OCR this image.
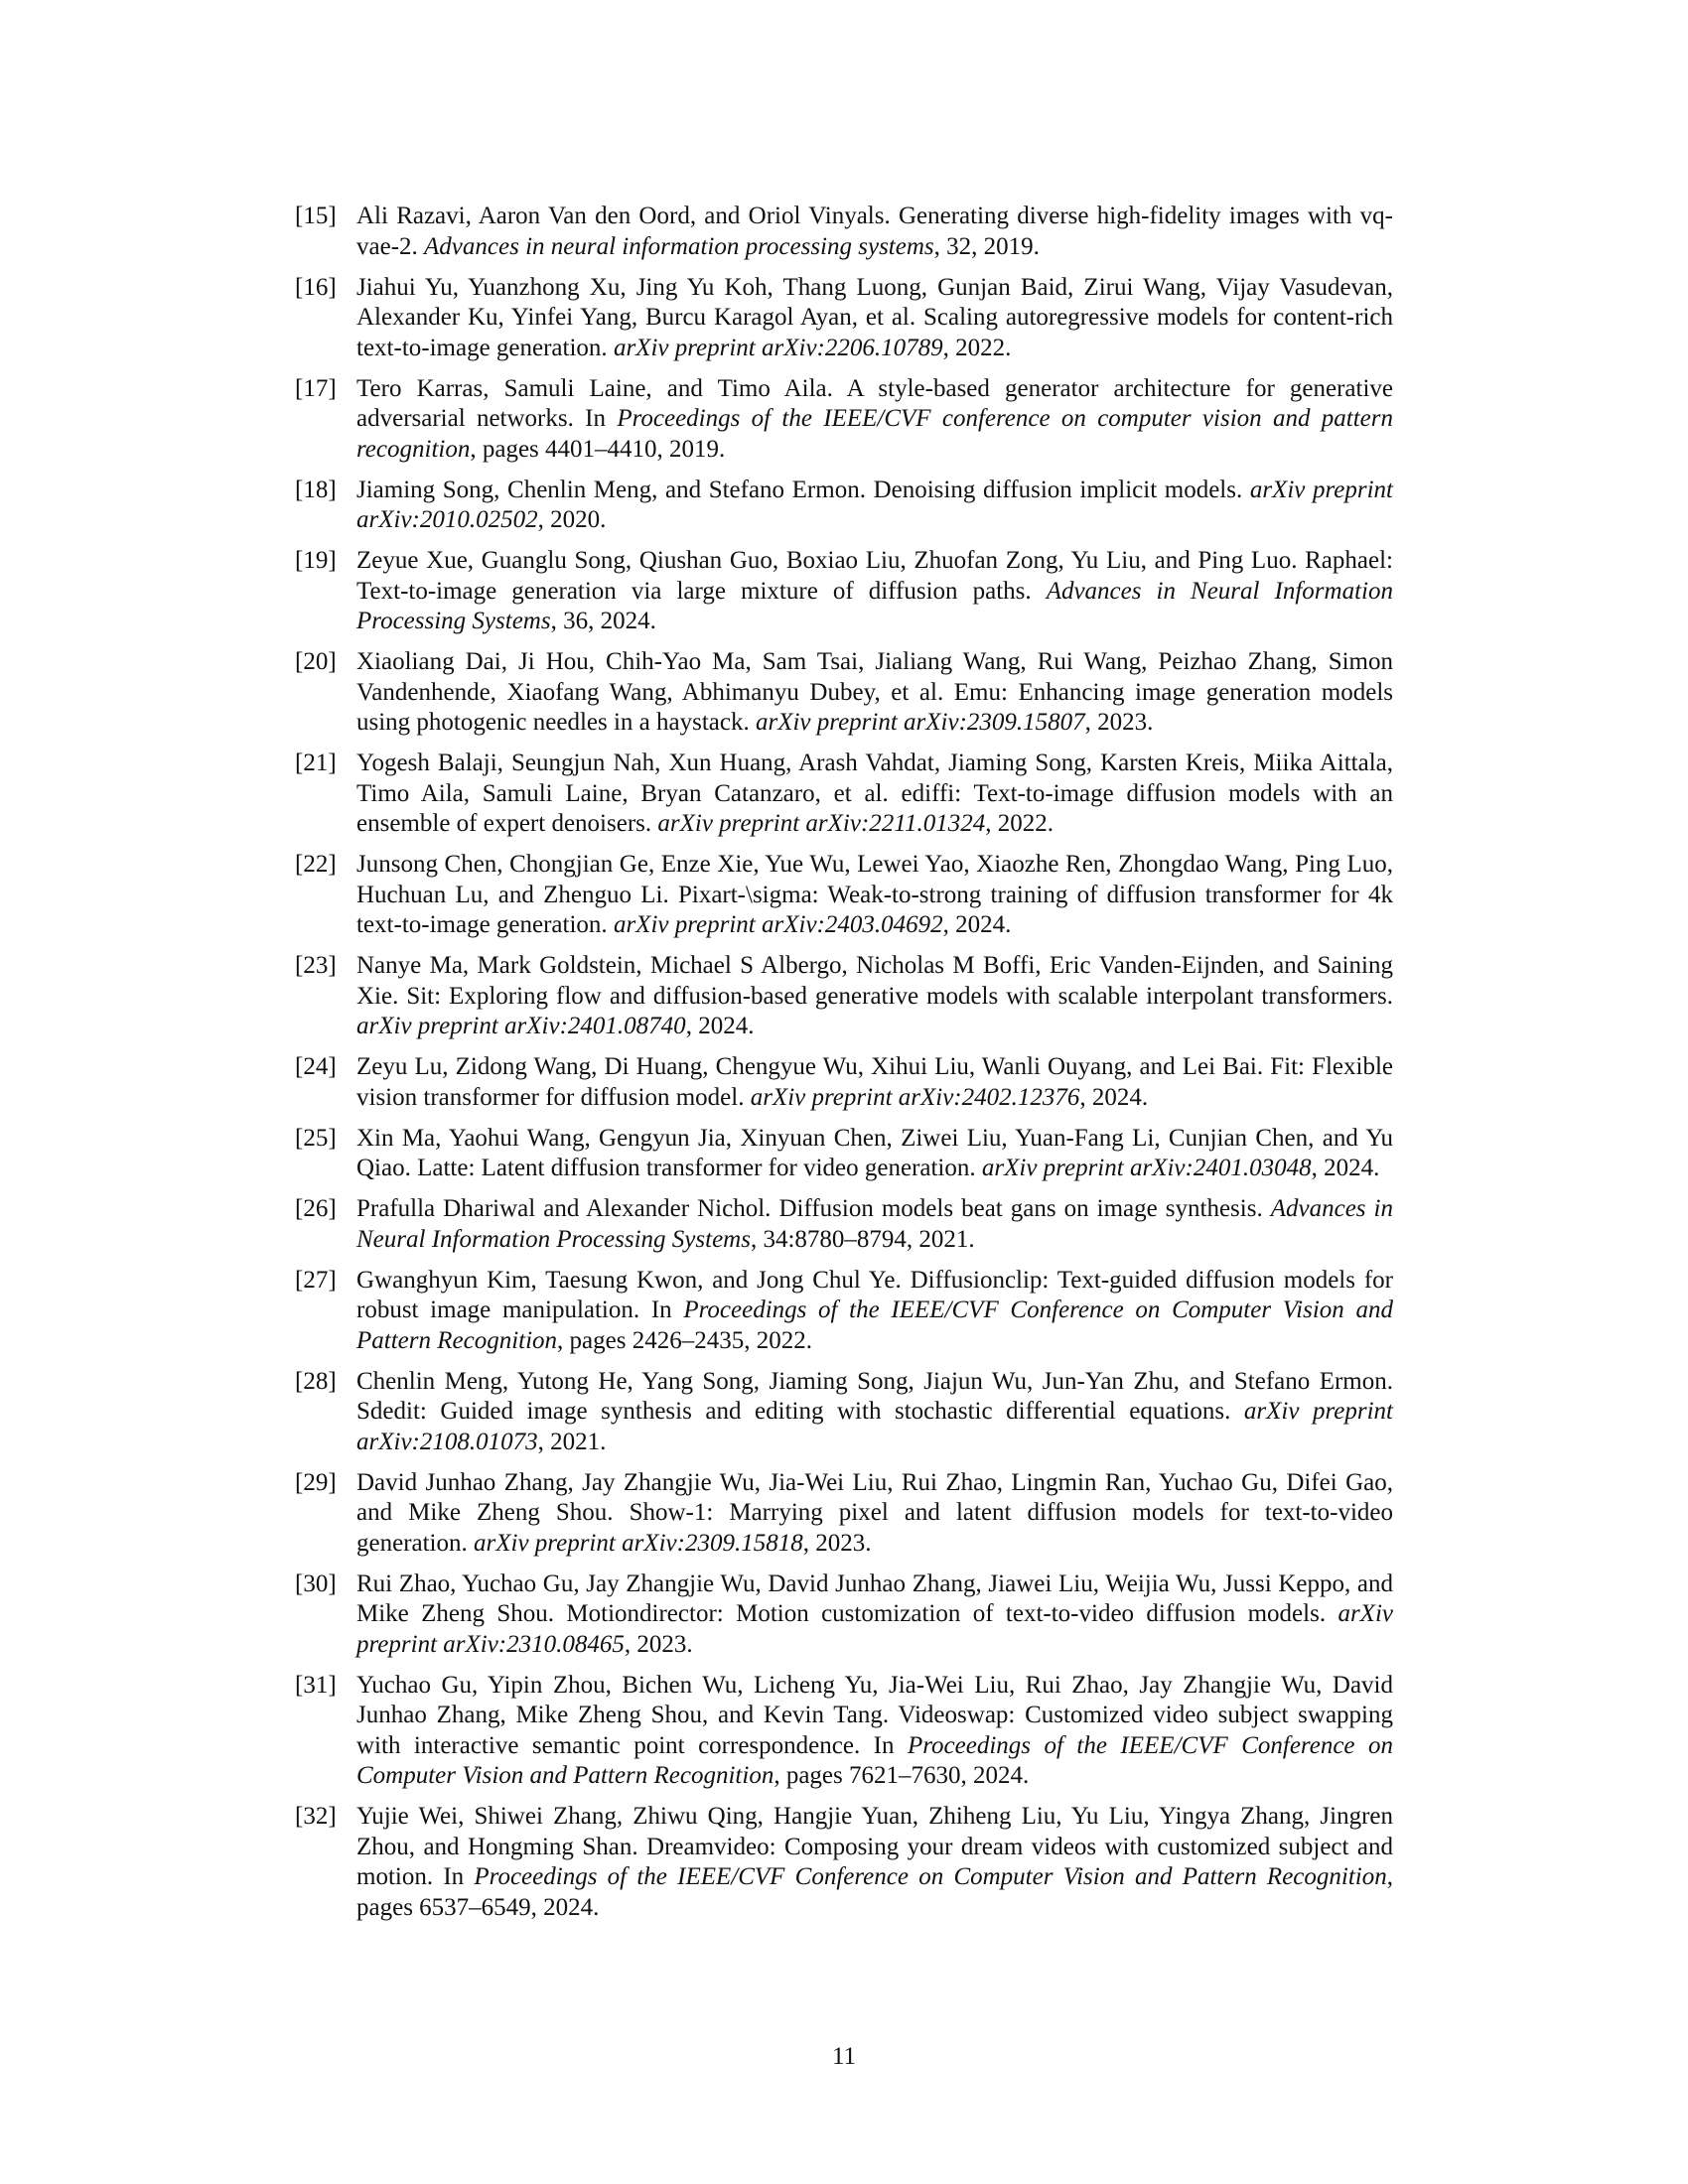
[15] Ali Razavi, Aaron Van den Oord, and Oriol Vinyals. Generating diverse high-fidelity images with vq-vae-2. Advances in neural information processing systems, 32, 2019.
[16] Jiahui Yu, Yuanzhong Xu, Jing Yu Koh, Thang Luong, Gunjan Baid, Zirui Wang, Vijay Vasudevan, Alexander Ku, Yinfei Yang, Burcu Karagol Ayan, et al. Scaling autoregressive models for content-rich text-to-image generation. arXiv preprint arXiv:2206.10789, 2022.
[17] Tero Karras, Samuli Laine, and Timo Aila. A style-based generator architecture for generative adversarial networks. In Proceedings of the IEEE/CVF conference on computer vision and pattern recognition, pages 4401–4410, 2019.
[18] Jiaming Song, Chenlin Meng, and Stefano Ermon. Denoising diffusion implicit models. arXiv preprint arXiv:2010.02502, 2020.
[19] Zeyue Xue, Guanglu Song, Qiushan Guo, Boxiao Liu, Zhuofan Zong, Yu Liu, and Ping Luo. Raphael: Text-to-image generation via large mixture of diffusion paths. Advances in Neural Information Processing Systems, 36, 2024.
[20] Xiaoliang Dai, Ji Hou, Chih-Yao Ma, Sam Tsai, Jialiang Wang, Rui Wang, Peizhao Zhang, Simon Vandenhende, Xiaofang Wang, Abhimanyu Dubey, et al. Emu: Enhancing image generation models using photogenic needles in a haystack. arXiv preprint arXiv:2309.15807, 2023.
[21] Yogesh Balaji, Seungjun Nah, Xun Huang, Arash Vahdat, Jiaming Song, Karsten Kreis, Miika Aittala, Timo Aila, Samuli Laine, Bryan Catanzaro, et al. ediffi: Text-to-image diffusion models with an ensemble of expert denoisers. arXiv preprint arXiv:2211.01324, 2022.
[22] Junsong Chen, Chongjian Ge, Enze Xie, Yue Wu, Lewei Yao, Xiaozhe Ren, Zhongdao Wang, Ping Luo, Huchuan Lu, and Zhenguo Li. Pixart-\sigma: Weak-to-strong training of diffusion transformer for 4k text-to-image generation. arXiv preprint arXiv:2403.04692, 2024.
[23] Nanye Ma, Mark Goldstein, Michael S Albergo, Nicholas M Boffi, Eric Vanden-Eijnden, and Saining Xie. Sit: Exploring flow and diffusion-based generative models with scalable interpolant transformers. arXiv preprint arXiv:2401.08740, 2024.
[24] Zeyu Lu, Zidong Wang, Di Huang, Chengyue Wu, Xihui Liu, Wanli Ouyang, and Lei Bai. Fit: Flexible vision transformer for diffusion model. arXiv preprint arXiv:2402.12376, 2024.
[25] Xin Ma, Yaohui Wang, Gengyun Jia, Xinyuan Chen, Ziwei Liu, Yuan-Fang Li, Cunjian Chen, and Yu Qiao. Latte: Latent diffusion transformer for video generation. arXiv preprint arXiv:2401.03048, 2024.
[26] Prafulla Dhariwal and Alexander Nichol. Diffusion models beat gans on image synthesis. Advances in Neural Information Processing Systems, 34:8780–8794, 2021.
[27] Gwanghyun Kim, Taesung Kwon, and Jong Chul Ye. Diffusionclip: Text-guided diffusion models for robust image manipulation. In Proceedings of the IEEE/CVF Conference on Computer Vision and Pattern Recognition, pages 2426–2435, 2022.
[28] Chenlin Meng, Yutong He, Yang Song, Jiaming Song, Jiajun Wu, Jun-Yan Zhu, and Stefano Ermon. Sdedit: Guided image synthesis and editing with stochastic differential equations. arXiv preprint arXiv:2108.01073, 2021.
[29] David Junhao Zhang, Jay Zhangjie Wu, Jia-Wei Liu, Rui Zhao, Lingmin Ran, Yuchao Gu, Difei Gao, and Mike Zheng Shou. Show-1: Marrying pixel and latent diffusion models for text-to-video generation. arXiv preprint arXiv:2309.15818, 2023.
[30] Rui Zhao, Yuchao Gu, Jay Zhangjie Wu, David Junhao Zhang, Jiawei Liu, Weijia Wu, Jussi Keppo, and Mike Zheng Shou. Motiondirector: Motion customization of text-to-video diffusion models. arXiv preprint arXiv:2310.08465, 2023.
[31] Yuchao Gu, Yipin Zhou, Bichen Wu, Licheng Yu, Jia-Wei Liu, Rui Zhao, Jay Zhangjie Wu, David Junhao Zhang, Mike Zheng Shou, and Kevin Tang. Videoswap: Customized video subject swapping with interactive semantic point correspondence. In Proceedings of the IEEE/CVF Conference on Computer Vision and Pattern Recognition, pages 7621–7630, 2024.
[32] Yujie Wei, Shiwei Zhang, Zhiwu Qing, Hangjie Yuan, Zhiheng Liu, Yu Liu, Yingya Zhang, Jingren Zhou, and Hongming Shan. Dreamvideo: Composing your dream videos with customized subject and motion. In Proceedings of the IEEE/CVF Conference on Computer Vision and Pattern Recognition, pages 6537–6549, 2024.
11
